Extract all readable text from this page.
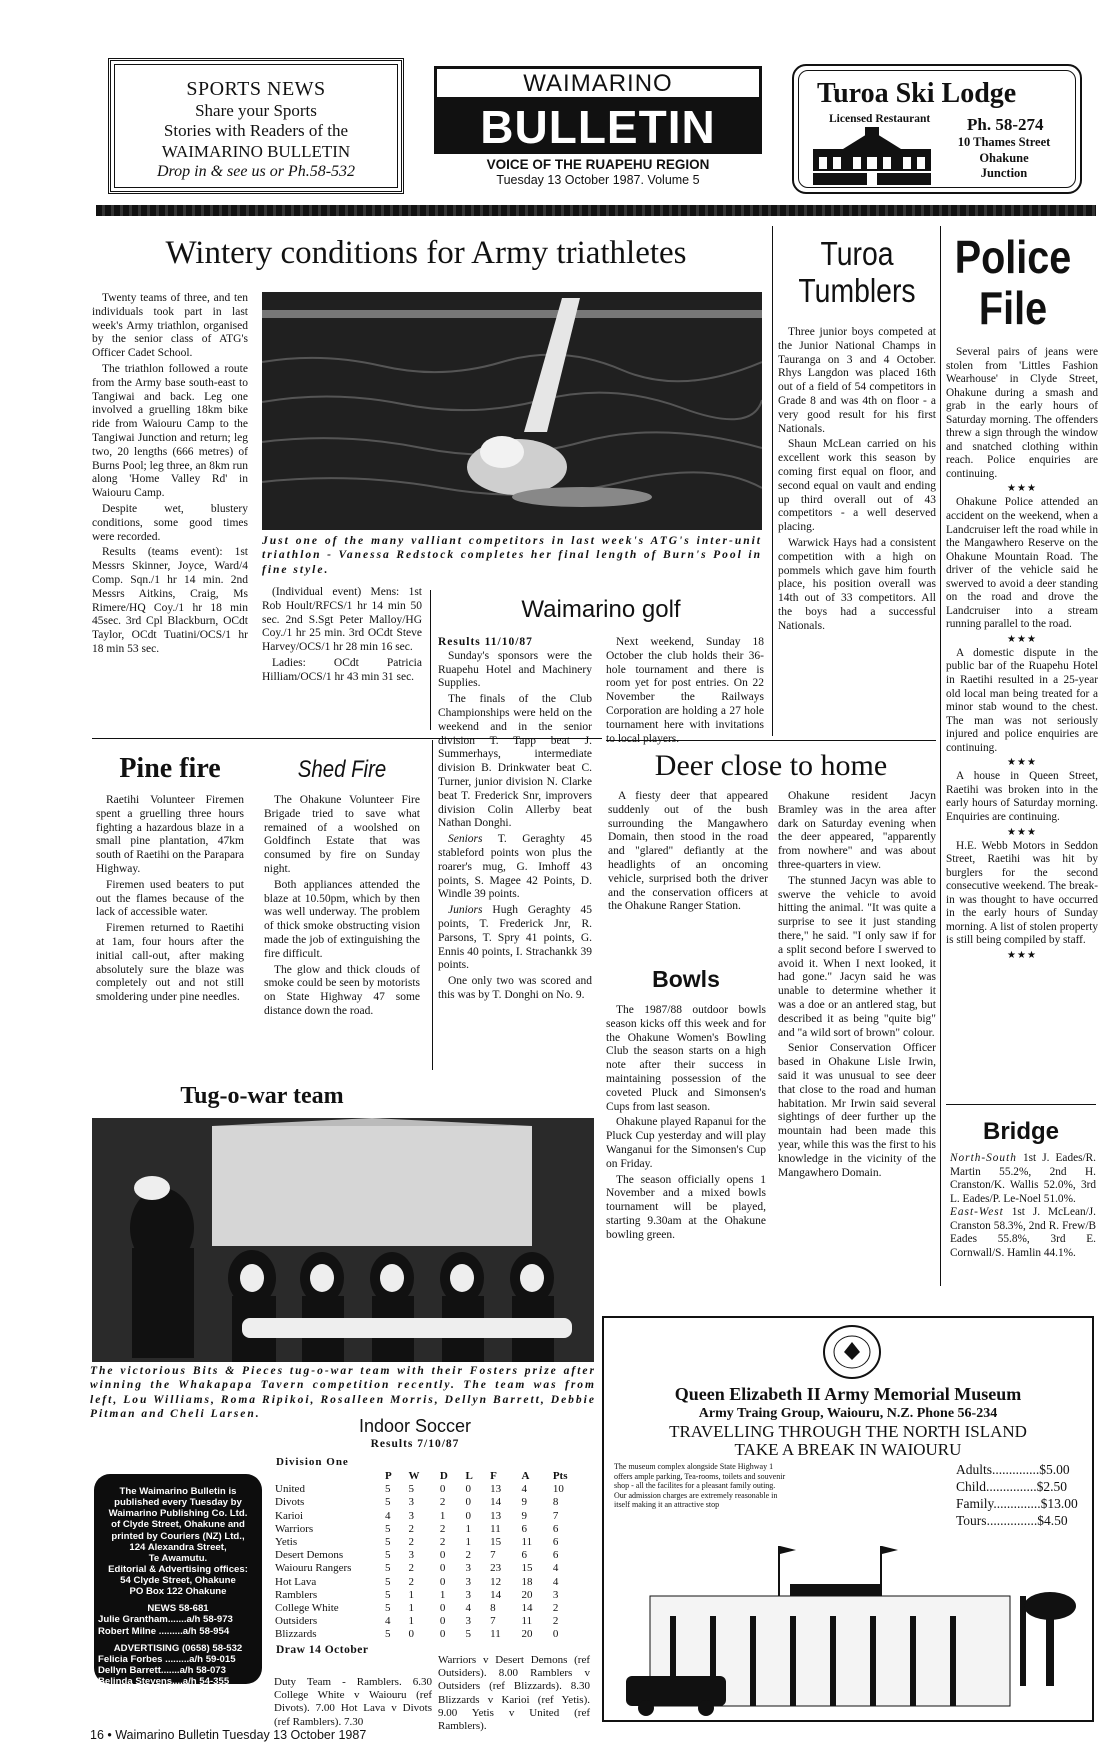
SPORTS NEWS
Share your Sports
Stories with Readers of the
WAIMARINO BULLETIN
Drop in & see us or Ph.58-532
WAIMARINO
BULLETIN
VOICE OF THE RUAPEHU REGION
Tuesday 13 October 1987. Volume 5
Turoa Ski Lodge
Licensed Restaurant Ph. 58-274
10 Thames Street
Ohakune
Junction
Wintery conditions for Army triathletes

Twenty teams of three, and ten individuals took part in last week's Army triathlon, organised by the senior class of ATG's Officer Cadet School.

The triathlon followed a route from the Army base south-east to Tangiwai and back. Leg one involved a gruelling 18km bike ride from Waiouru Camp to the Tangiwai Junction and return; leg two, 20 lengths (666 metres) of Burns Pool; leg three, an 8km run along 'Home Valley Rd' in Waiouru Camp.

Despite wet, blustery conditions, some good times were recorded.

Results (teams event): 1st Messrs Skinner, Joyce, Ward/4 Comp. Sqn./1 hr 14 min. 2nd Messrs Aitkins, Craig, Ms Rimere/HQ Coy./1 hr 18 min 45sec. 3rd Cpl Blackburn, OCdt Taylor, OCdt Tuatini/OCS/1 hr 18 min 53 sec.

Just one of the many valliant competitors in last week's ATG's inter-unit triathlon - Vanessa Redstock completes her final length of Burn's Pool in fine style.

(Individual event) Mens: 1st Rob Hoult/RFCS/1 hr 14 min 50 sec. 2nd S.Sgt Peter Malloy/HG Coy./1 hr 25 min. 3rd OCdt Steve Harvey/OCS/1 hr 28 min 16 sec.

Ladies: OCdt Patricia Hilliam/OCS/1 hr 43 min 31 sec.

Turoa
Tumblers

Three junior boys competed at the Junior National Champs in Tauranga on 3 and 4 October. Rhys Langdon was placed 16th out of a field of 54 competitors in Grade 8 and was 4th on floor - a very good result for his first Nationals.

Shaun McLean carried on his excellent work this season by coming first equal on floor, and second equal on vault and ending up third overall out of 43 competitors - a well deserved placing.

Warwick Hays had a consistent competition with a high on pommels which gave him fourth place, his position overall was 14th out of 33 competitors. All the boys had a successful Nationals.

Police
File

Several pairs of jeans were stolen from 'Littles Fashion Wearhouse' in Clyde Street, Ohakune during a smash and grab in the early hours of Saturday morning. The offenders threw a sign through the window and snatched clothing within reach. Police enquiries are continuing.

★★★

Ohakune Police attended an accident on the weekend, when a Landcruiser left the road while in the Mangawhero Reserve on the Ohakune Mountain Road. The driver of the vehicle said he swerved to avoid a deer standing on the road and drove the Landcruiser into a stream running parallel to the road.

★★★

A domestic dispute in the public bar of the Ruapehu Hotel in Raetihi resulted in a 25-year old local man being treated for a minor stab wound to the chest. The man was not seriously injured and police enquiries are continuing.

★★★

A house in Queen Street, Raetihi was broken into in the early hours of Saturday morning. Enquiries are continuing.

★★★

H.E. Webb Motors in Seddon Street, Raetihi was hit by burglers for the second consecutive weekend. The break-in was thought to have occurred in the early hours of Sunday morning. A list of stolen property is still being compiled by staff.

★★★
Bridge
North-South 1st J. Eades/R. Martin 55.2%, 2nd H. Cranston/K. Wallis 52.0%, 3rd L. Eades/P. Le-Noel 51.0%.
East-West 1st J. McLean/J. Cranston 58.3%, 2nd R. Frew/B Eades 55.8%, 3rd E. Cornwall/S. Hamlin 44.1%.
Pine fire

Raetihi Volunteer Firemen spent a gruelling three hours fighting a hazardous blaze in a small pine plantation, 47km south of Raetihi on the Parapara Highway.

Firemen used beaters to put out the flames because of the lack of accessible water.

Firemen returned to Raetihi at 1am, four hours after the initial call-out, after making absolutely sure the blaze was completely out and not still smoldering under pine needles.

Shed Fire

The Ohakune Volunteer Fire Brigade tried to save what remained of a woolshed on Goldfinch Estate that was consumed by fire on Sunday night.

Both appliances attended the blaze at 10.50pm, which by then was well underway. The problem of thick smoke obstructing vision made the job of extinguishing the fire difficult.

The glow and thick clouds of smoke could be seen by motorists on State Highway 47 some distance down the road.

Waimarino golf
Results 11/10/87

Sunday's sponsors were the Ruapehu Hotel and Machinery Supplies.

The finals of the Club Championships were held on the weekend and in the senior division T. Tapp beat J. Summerhays, intermediate division B. Drinkwater beat C. Turner, junior division N. Clarke beat T. Frederick Snr, improvers division Colin Allerby beat Nathan Donghi.

Seniors T. Geraghty 45 stableford points won plus the roarer's mug, G. Imhoff 43 points, S. Magee 42 Points, D. Windle 39 points.

Juniors Hugh Geraghty 45 points, T. Frederick Jnr, R. Parsons, T. Spry 41 points, G. Ennis 40 points, I. Strachankk 39 points.

One only two was scored and this was by T. Donghi on No. 9.

Next weekend, Sunday 18 October the club holds their 36-hole tournament and there is room yet for post entries. On 22 November the Railways Corporation are holding a 27 hole tournament here with invitations to local players.

Deer close to home

A fiesty deer that appeared suddenly out of the bush surrounding the Mangawhero Domain, then stood in the road and "glared" defiantly at the headlights of an oncoming vehicle, surprised both the driver and the conservation officers at the Ohakune Ranger Station.

Ohakune resident Jacyn Bramley was in the area after dark on Saturday evening when the deer appeared, "apparently from nowhere" and was about three-quarters in view.

The stunned Jacyn was able to swerve the vehicle to avoid hitting the animal. "It was quite a surprise to see it just standing there," he said. "I only saw if for a split second before I swerved to avoid it. When I next looked, it had gone." Jacyn said he was unable to determine whether it was a doe or an antlered stag, but described it as being "quite big" and "a wild sort of brown" colour.

Senior Conservation Officer based in Ohakune Lisle Irwin, said it was unusual to see deer that close to the road and human habitation. Mr Irwin said several sightings of deer further up the mountain had been made this year, while this was the first to his knowledge in the vicinity of the Mangawhero Domain.

Bowls

The 1987/88 outdoor bowls season kicks off this week and for the Ohakune Women's Bowling Club the season starts on a high note after their success in maintaining possession of the coveted Pluck and Simonsen's Cups from last season.

Ohakune played Rapanui for the Pluck Cup yesterday and will play Wanganui for the Simonsen's Cup on Friday.

The season officially opens 1 November and a mixed bowls tournament will be played, starting 9.30am at the Ohakune bowling green.

Tug-o-war team
The victorious Bits & Pieces tug-o-war team with their Fosters prize after winning the Whakapapa Tavern competition recently. The team was from left, Lou Williams, Roma Ripikoi, Rosalleen Morris, Dellyn Barrett, Debbie Pitman and Cheli Larsen.
The Waimarino Bulletin is
published every Tuesday by
Waimarino Publishing Co. Ltd.
of Clyde Street, Ohakune and
printed by Couriers (NZ) Ltd.,
124 Alexandra Street,
Te Awamutu.
Editorial & Advertising offices:
54 Clyde Street, Ohakune
PO Box 122 Ohakune
NEWS 58-681
Julie Grantham.......a/h 58-973
Robert Milne .........a/h 58-954
ADVERTISING (0658) 58-532
Felicia Forbes .........a/h 59-015
Dellyn Barrett.......a/h 58-073
Belinda Stevens....a/h 54-355
Indoor Soccer
Results 7/10/87
Division One
	P	W	D	L	F	A	Pts
United	5	5	0	0	13	4	10
Divots	5	3	2	0	14	9	8
Karioi	4	3	1	0	13	9	7
Warriors	5	2	2	1	11	6	6
Yetis	5	2	2	1	15	11	6
Desert Demons	5	3	0	2	7	6	6
Waiouru Rangers	5	2	0	3	23	15	4
Hot Lava	5	2	0	3	12	18	4
Ramblers	5	1	1	3	14	20	3
College White	5	1	0	4	8	14	2
Outsiders	4	1	0	3	7	11	2
Blizzards	5	0	0	5	11	20	0
Draw 14 October
Duty Team - Ramblers. 6.30 College White v Waiouru (ref Divots). 7.00 Hot Lava v Divots (ref Ramblers). 7.30
Warriors v Desert Demons (ref Outsiders). 8.00 Ramblers v Outsiders (ref Blizzards). 8.30 Blizzards v Karioi (ref Yetis). 9.00 Yetis v United (ref Ramblers).
Queen Elizabeth II Army Memorial Museum
Army Traing Group, Waiouru, N.Z. Phone 56-234
TRAVELLING THROUGH THE NORTH ISLAND
TAKE A BREAK IN WAIOURU
The museum complex alongside State Highway 1 offers ample parking, Tea-rooms, toilets and souvenir shop - all the facilites for a pleasant family outing. Our admission charges are extremely reasonable in itself making it an attractive stop
Adults..............$5.00
Child...............$2.50
Family..............$13.00
Tours...............$4.50
16 • Waimarino Bulletin Tuesday 13 October 1987
